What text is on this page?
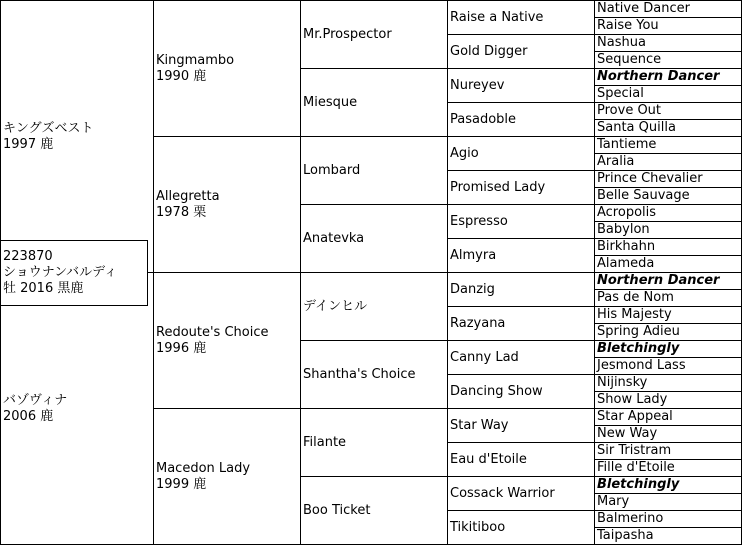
キングズベスト
1997 鹿
バゾヴィナ
2006 鹿
223870
ショウナンバルディ
牡 2016 黒鹿
Kingmambo
1990 鹿
Allegretta
1978 栗
Redoute's Choice
1996 鹿
Macedon Lady
1999 鹿
Mr.Prospector
Miesque
Lombard
Anatevka
デインヒル
Shantha's Choice
Filante
Boo Ticket
Raise a Native
Gold Digger
Nureyev
Pasadoble
Agio
Promised Lady
Espresso
Almyra
Danzig
Razyana
Canny Lad
Dancing Show
Star Way
Eau d'Etoile
Cossack Warrior
Tikitiboo
Native Dancer
Raise You
Nashua
Sequence
Northern Dancer
Special
Prove Out
Santa Quilla
Tantieme
Aralia
Prince Chevalier
Belle Sauvage
Acropolis
Babylon
Birkhahn
Alameda
Northern Dancer
Pas de Nom
His Majesty
Spring Adieu
Bletchingly
Jesmond Lass
Nijinsky
Show Lady
Star Appeal
New Way
Sir Tristram
Fille d'Etoile
Bletchingly
Mary
Balmerino
Taipasha
